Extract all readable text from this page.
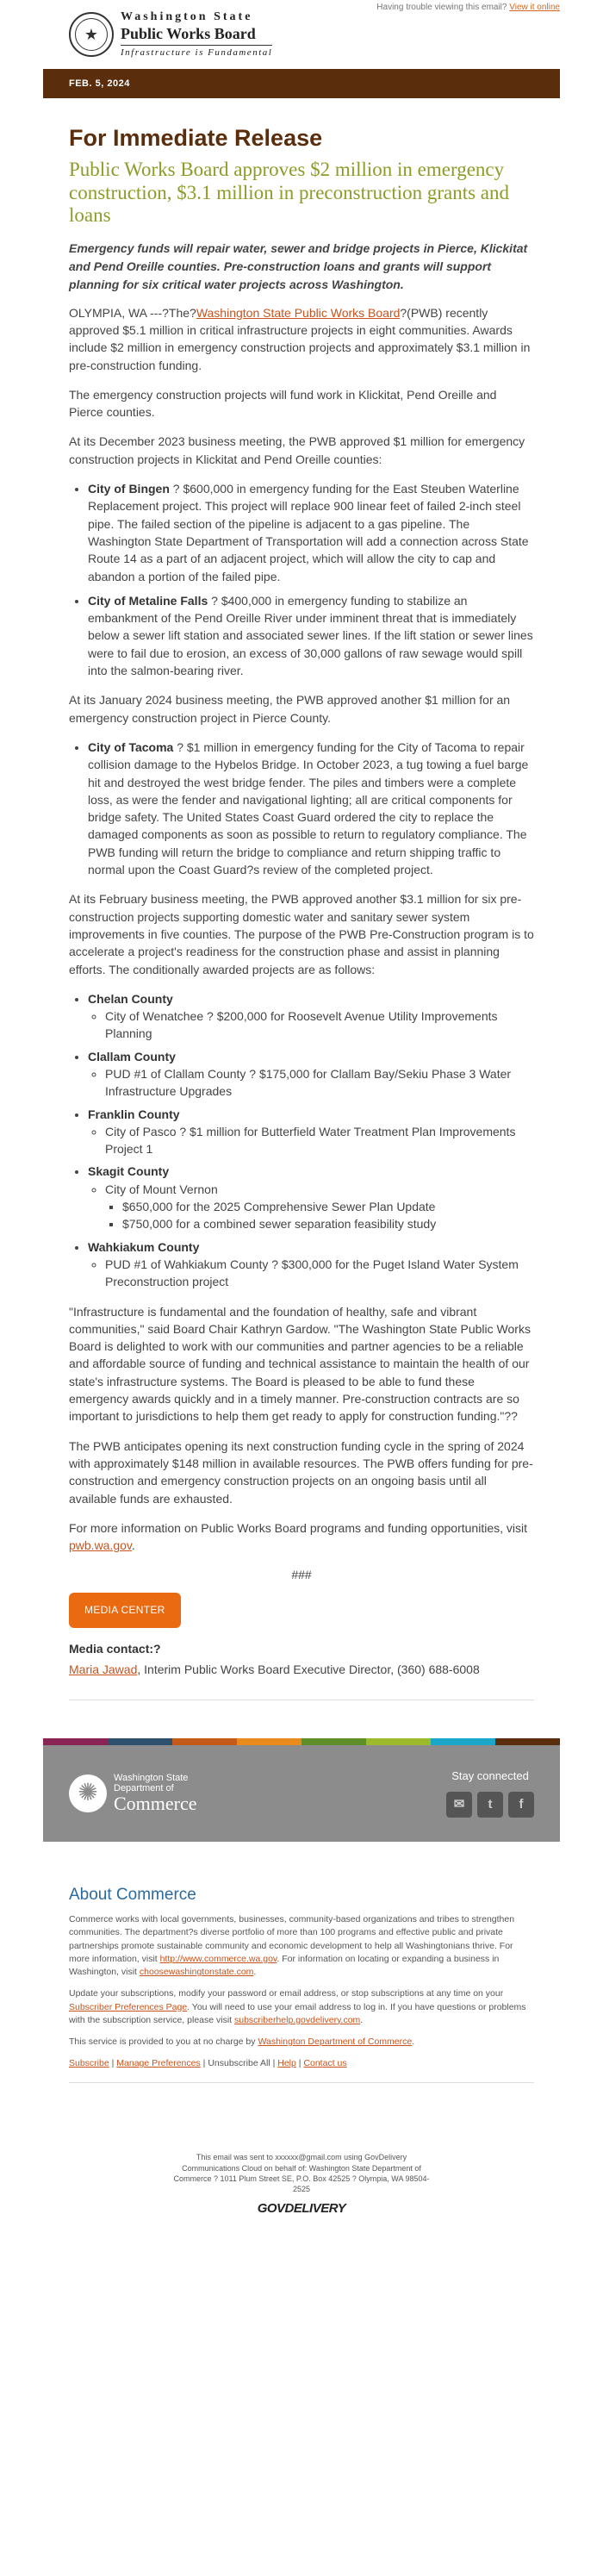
Having trouble viewing this email? View it online
★
Washington State
Public Works Board
Infrastructure is Fundamental
FEB. 5, 2024
For Immediate Release
Public Works Board approves $2 million in emergency construction, $3.1 million in preconstruction grants and loans

Emergency funds will repair water, sewer and bridge projects in Pierce, Klickitat and Pend Oreille counties. Pre-construction loans and grants will support planning for six critical water projects across Washington.

OLYMPIA, WA ---?The?Washington State Public Works Board?(PWB) recently approved $5.1 million in critical infrastructure projects in eight communities. Awards include $2 million in emergency construction projects and approximately $3.1 million in pre-construction funding.

The emergency construction projects will fund work in Klickitat, Pend Oreille and Pierce counties.

At its December 2023 business meeting, the PWB approved $1 million for emergency construction projects in Klickitat and Pend Oreille counties:

• City of Bingen ? $600,000 in emergency funding for the East Steuben Waterline Replacement project. This project will replace 900 linear feet of failed 2-inch steel pipe. The failed section of the pipeline is adjacent to a gas pipeline. The Washington State Department of Transportation will add a connection across State Route 14 as a part of an adjacent project, which will allow the city to cap and abandon a portion of the failed pipe.
• City of Metaline Falls ? $400,000 in emergency funding to stabilize an embankment of the Pend Oreille River under imminent threat that is immediately below a sewer lift station and associated sewer lines. If the lift station or sewer lines were to fail due to erosion, an excess of 30,000 gallons of raw sewage would spill into the salmon-bearing river.

At its January 2024 business meeting, the PWB approved another $1 million for an emergency construction project in Pierce County.

• City of Tacoma ? $1 million in emergency funding for the City of Tacoma to repair collision damage to the Hybelos Bridge. In October 2023, a tug towing a fuel barge hit and destroyed the west bridge fender. The piles and timbers were a complete loss, as were the fender and navigational lighting; all are critical components for bridge safety. The United States Coast Guard ordered the city to replace the damaged components as soon as possible to return to regulatory compliance. The PWB funding will return the bridge to compliance and return shipping traffic to normal upon the Coast Guard?s review of the completed project.

At its February business meeting, the PWB approved another $3.1 million for six pre-construction projects supporting domestic water and sanitary sewer system improvements in five counties. The purpose of the PWB Pre-Construction program is to accelerate a project's readiness for the construction phase and assist in planning efforts. The conditionally awarded projects are as follows:

• Chelan County
◦ City of Wenatchee ? $200,000 for Roosevelt Avenue Utility Improvements Planning
• Clallam County
◦ PUD #1 of Clallam County ? $175,000 for Clallam Bay/Sekiu Phase 3 Water Infrastructure Upgrades
• Franklin County
◦ City of Pasco ? $1 million for Butterfield Water Treatment Plan Improvements Project 1
• Skagit County
◦ City of Mount Vernon
▪ $650,000 for the 2025 Comprehensive Sewer Plan Update
▪ $750,000 for a combined sewer separation feasibility study
• Wahkiakum County
◦ PUD #1 of Wahkiakum County ? $300,000 for the Puget Island Water System Preconstruction project

"Infrastructure is fundamental and the foundation of healthy, safe and vibrant communities," said Board Chair Kathryn Gardow. "The Washington State Public Works Board is delighted to work with our communities and partner agencies to be a reliable and affordable source of funding and technical assistance to maintain the health of our state's infrastructure systems. The Board is pleased to be able to fund these emergency awards quickly and in a timely manner. Pre-construction contracts are so important to jurisdictions to help them get ready to apply for construction funding."??

The PWB anticipates opening its next construction funding cycle in the spring of 2024 with approximately $148 million in available resources. The PWB offers funding for pre-construction and emergency construction projects on an ongoing basis until all available funds are exhausted.

For more information on Public Works Board programs and funding opportunities, visit pwb.wa.gov.

###
MEDIA CENTER
Media contact:?

Maria Jawad, Interim Public Works Board Executive Director, (360) 688-6008

✺
Washington State
Department of
Commerce
Stay connected
✉	t	f
About Commerce

Commerce works with local governments, businesses, community-based organizations and tribes to strengthen communities. The department?s diverse portfolio of more than 100 programs and effective public and private partnerships promote sustainable community and economic development to help all Washingtonians thrive. For more information, visit http://www.commerce.wa.gov. For information on locating or expanding a business in Washington, visit choosewashingtonstate.com.

Update your subscriptions, modify your password or email address, or stop subscriptions at any time on your Subscriber Preferences Page. You will need to use your email address to log in. If you have questions or problems with the subscription service, please visit subscriberhelp.govdelivery.com.

This service is provided to you at no charge by Washington Department of Commerce.

Subscribe | Manage Preferences | Unsubscribe All | Help | Contact us

This email was sent to xxxxxx@gmail.com using GovDelivery Communications Cloud on behalf of: Washington State Department of Commerce ? 1011 Plum Street SE, P.O. Box 42525 ? Olympia, WA 98504-2525
GOVDELIVERY
